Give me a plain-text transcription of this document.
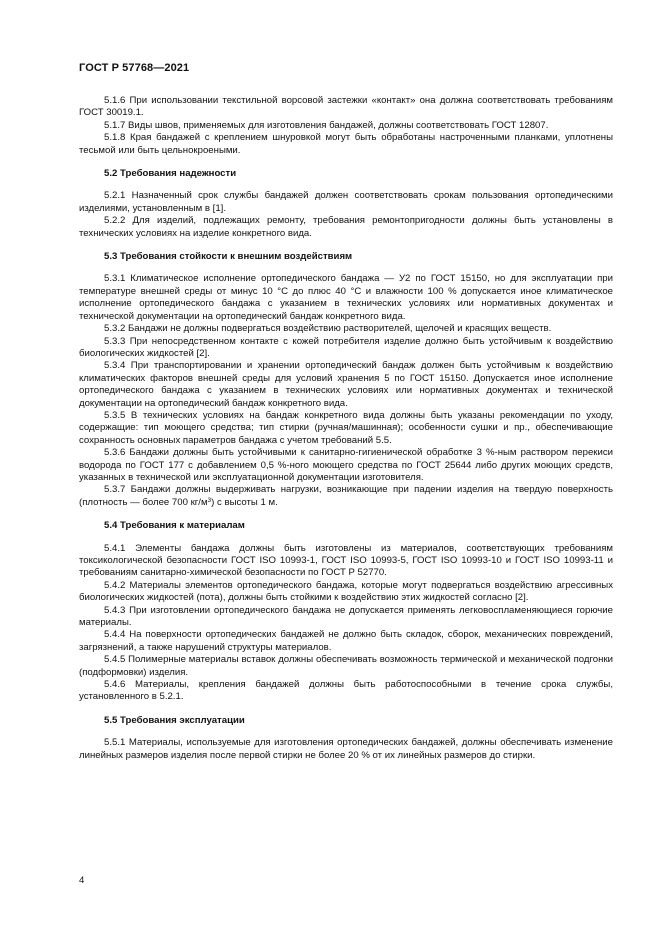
ГОСТ Р 57768—2021

5.1.6 При использовании текстильной ворсовой застежки «контакт» она должна соответствовать требованиям ГОСТ 30019.1.

5.1.7 Виды швов, применяемых для изготовления бандажей, должны соответствовать ГОСТ 12807.

5.1.8 Края бандажей с креплением шнуровкой могут быть обработаны настроченными планками, уплотнены тесьмой или быть цельнокроеными.

5.2 Требования надежности

5.2.1 Назначенный срок службы бандажей должен соответствовать срокам пользования ортопедическими изделиями, установленным в [1].

5.2.2 Для изделий, подлежащих ремонту, требования ремонтопригодности должны быть установлены в технических условиях на изделие конкретного вида.

5.3 Требования стойкости к внешним воздействиям

5.3.1 Климатическое исполнение ортопедического бандажа — У2 по ГОСТ 15150, но для эксплуатации при температуре внешней среды от минус 10 °C до плюс 40 °C и влажности 100 % допускается иное климатическое исполнение ортопедического бандажа с указанием в технических условиях или нормативных документах и технической документации на ортопедический бандаж конкретного вида.

5.3.2 Бандажи не должны подвергаться воздействию растворителей, щелочей и красящих веществ.

5.3.3 При непосредственном контакте с кожей потребителя изделие должно быть устойчивым к воздействию биологических жидкостей [2].

5.3.4 При транспортировании и хранении ортопедический бандаж должен быть устойчивым к воздействию климатических факторов внешней среды для условий хранения 5 по ГОСТ 15150. Допускается иное исполнение ортопедического бандажа с указанием в технических условиях или нормативных документах и технической документации на ортопедический бандаж конкретного вида.

5.3.5 В технических условиях на бандаж конкретного вида должны быть указаны рекомендации по уходу, содержащие: тип моющего средства; тип стирки (ручная/машинная); особенности сушки и пр., обеспечивающие сохранность основных параметров бандажа с учетом требований 5.5.

5.3.6 Бандажи должны быть устойчивыми к санитарно-гигиенической обработке 3 %-ным раствором перекиси водорода по ГОСТ 177 с добавлением 0,5 %-ного моющего средства по ГОСТ 25644 либо других моющих средств, указанных в технической или эксплуатационной документации изготовителя.

5.3.7 Бандажи должны выдерживать нагрузки, возникающие при падении изделия на твердую поверхность (плотность — более 700 $кг/м^3$) с высоты 1 м.

5.4 Требования к материалам

5.4.1 Элементы бандажа должны быть изготовлены из материалов, соответствующих требованиям токсикологической безопасности ГОСТ ISO 10993-1, ГОСТ ISO 10993-5, ГОСТ ISO 10993-10 и ГОСТ ISO 10993-11 и требованиям санитарно-химической безопасности по ГОСТ Р 52770.

5.4.2 Материалы элементов ортопедического бандажа, которые могут подвергаться воздействию агрессивных биологических жидкостей (пота), должны быть стойкими к воздействию этих жидкостей согласно [2].

5.4.3 При изготовлении ортопедического бандажа не допускается применять легковоспламеняющиеся горючие материалы.

5.4.4 На поверхности ортопедических бандажей не должно быть складок, сборок, механических повреждений, загрязнений, а также нарушений структуры материалов.

5.4.5 Полимерные материалы вставок должны обеспечивать возможность термической и механической подгонки (подформовки) изделия.

5.4.6 Материалы, крепления бандажей должны быть работоспособными в течение срока службы, установленного в 5.2.1.

5.5 Требования эксплуатации

5.5.1 Материалы, используемые для изготовления ортопедических бандажей, должны обеспечивать изменение линейных размеров изделия после первой стирки не более 20 % от их линейных размеров до стирки.

4
